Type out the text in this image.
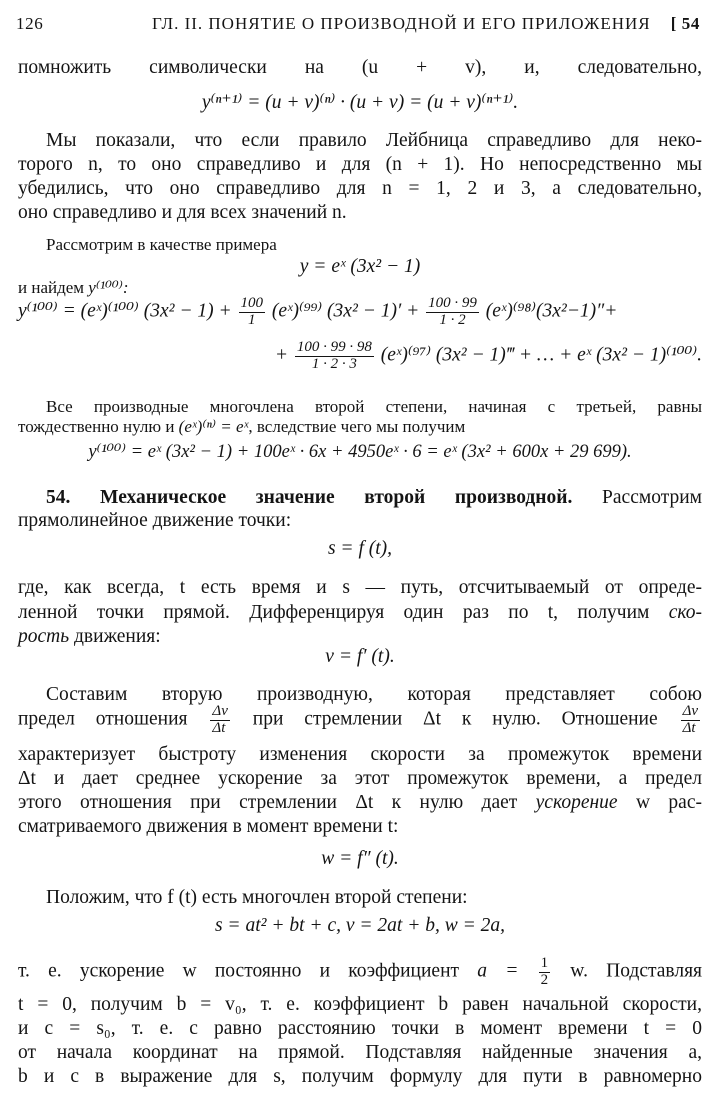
126	ГЛ. II. ПОНЯТИЕ О ПРОИЗВОДНОЙ И ЕГО ПРИЛОЖЕНИЯ [ 54
помножить символически на (u + v), и, следовательно,
y⁽ⁿ⁺¹⁾ = (u + v)⁽ⁿ⁾ · (u + v) = (u + v)⁽ⁿ⁺¹⁾.
Мы показали, что если правило Лейбница справедливо для неко-
торого n, то оно справедливо и для (n + 1). Но непосредственно мы
убедились, что оно справедливо для n = 1, 2 и 3, а следовательно,
оно справедливо и для всех значений n.
Рассмотрим в качестве примера
y = eˣ (3x² − 1)
и найдем y⁽¹⁰⁰⁾:
y⁽¹⁰⁰⁾ = (eˣ)⁽¹⁰⁰⁾ $(3x^2 - 1) + \frac{100}{1}$ (eˣ)⁽⁹⁹⁾ $(3x^2 - 1)' + \frac{100 \cdot 99}{1 \cdot 2}$ (eˣ)⁽⁹⁸⁾(3x²−1)″+
+ $\frac{100 \cdot 99 \cdot 98}{1 \cdot 2 \cdot 3}$ (eˣ)⁽⁹⁷⁾ (3x² − 1)‴ + … + eˣ (3x² − 1)⁽¹⁰⁰⁾.
Все производные многочлена второй степени, начиная с третьей, равны
тождественно нулю и (eˣ)⁽ⁿ⁾ = eˣ, вследствие чего мы получим
y⁽¹⁰⁰⁾ = eˣ (3x² − 1) + 100eˣ · 6x + 4950eˣ · 6 = eˣ (3x² + 600x + 29 699).
54. Механическое значение второй производной. Рассмотрим
прямолинейное движение точки:
s = f (t),
где, как всегда, t есть время и s — путь, отсчитываемый от опреде-
ленной точки прямой. Дифференцируя один раз по t, получим ско-
рость движения:
v = f′ (t).
Составим вторую производную, которая представляет собою
предел отношения $\frac{\Delta v}{\Delta t}$ при стремлении Δt к нулю. Отношение $\frac{\Delta v}{\Delta t}$
характеризует быстроту изменения скорости за промежуток времени
Δt и дает среднее ускорение за этот промежуток времени, а предел
этого отношения при стремлении Δt к нулю дает ускорение w рас-
сматриваемого движения в момент времени t:
w = f″ (t).
Положим, что f (t) есть многочлен второй степени:
s = at² + bt + c, v = 2at + b, w = 2a,
т. е. ускорение w постоянно и коэффициент $a = \frac{1}{2} w$. Подставляя
t = 0, получим b = v₀, т. е. коэффициент b равен начальной скорости,
и c = s₀, т. е. c равно расстоянию точки в момент времени t = 0
от начала координат на прямой. Подставляя найденные значения a,
b и c в выражение для s, получим формулу для пути в равномерно
